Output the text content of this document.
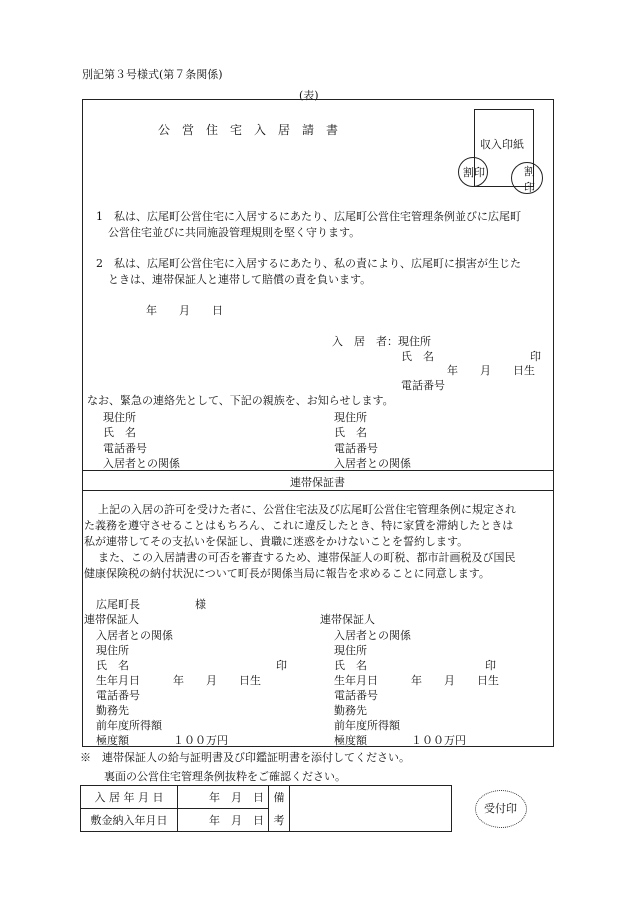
別記第３号様式(第７条関係)
(表)
公　営　住　宅　入　居　請　書
収入印紙
割印	割
印
1　私は、広尾町公営住宅に入居するにあたり、広尾町公営住宅管理条例並びに広尾町
公営住宅並びに共同施設管理規則を堅く守ります。
2　私は、広尾町公営住宅に入居するにあたり、私の責により、広尾町に損害が生じた
ときは、連帯保証人と連帯して賠償の責を負います。
年　　月　　日
入　居　者：現住所
氏　名	印
年　　月　　日生
電話番号
なお、緊急の連絡先として、下記の親族を、お知らせします。
現住所
氏　名
電話番号
入居者との関係
現住所
氏　名
電話番号
入居者との関係
連帯保証書
上記の入居の許可を受けた者に、公営住宅法及び広尾町公営住宅管理条例に規定され
た義務を遵守させることはもちろん、これに違反したとき、特に家賃を滞納したときは
私が連帯してその支払いを保証し、貴職に迷惑をかけないことを誓約します。
また、この入居請書の可否を審査するため、連帯保証人の町税、都市計画税及び国民
健康保険税の納付状況について町長が関係当局に報告を求めることに同意します。
広尾町長　　　　　様
連帯保証人
入居者との関係
現住所
氏　名	印
生年月日　　　年　　月　　日生
電話番号
勤務先
前年度所得額
極度額　　　　１００万円
連帯保証人
入居者との関係
現住所
氏　名	印
生年月日　　　年　　月　　日生
電話番号
勤務先
前年度所得額
極度額　　　　１００万円
※　連帯保証人の給与証明書及び印鑑証明書を添付してください。
裏面の公営住宅管理条例抜粋をご確認ください。
入 居 年 月 日	年　月　日	備	
敷金納入年月日	年　月　日	考	
受付印
